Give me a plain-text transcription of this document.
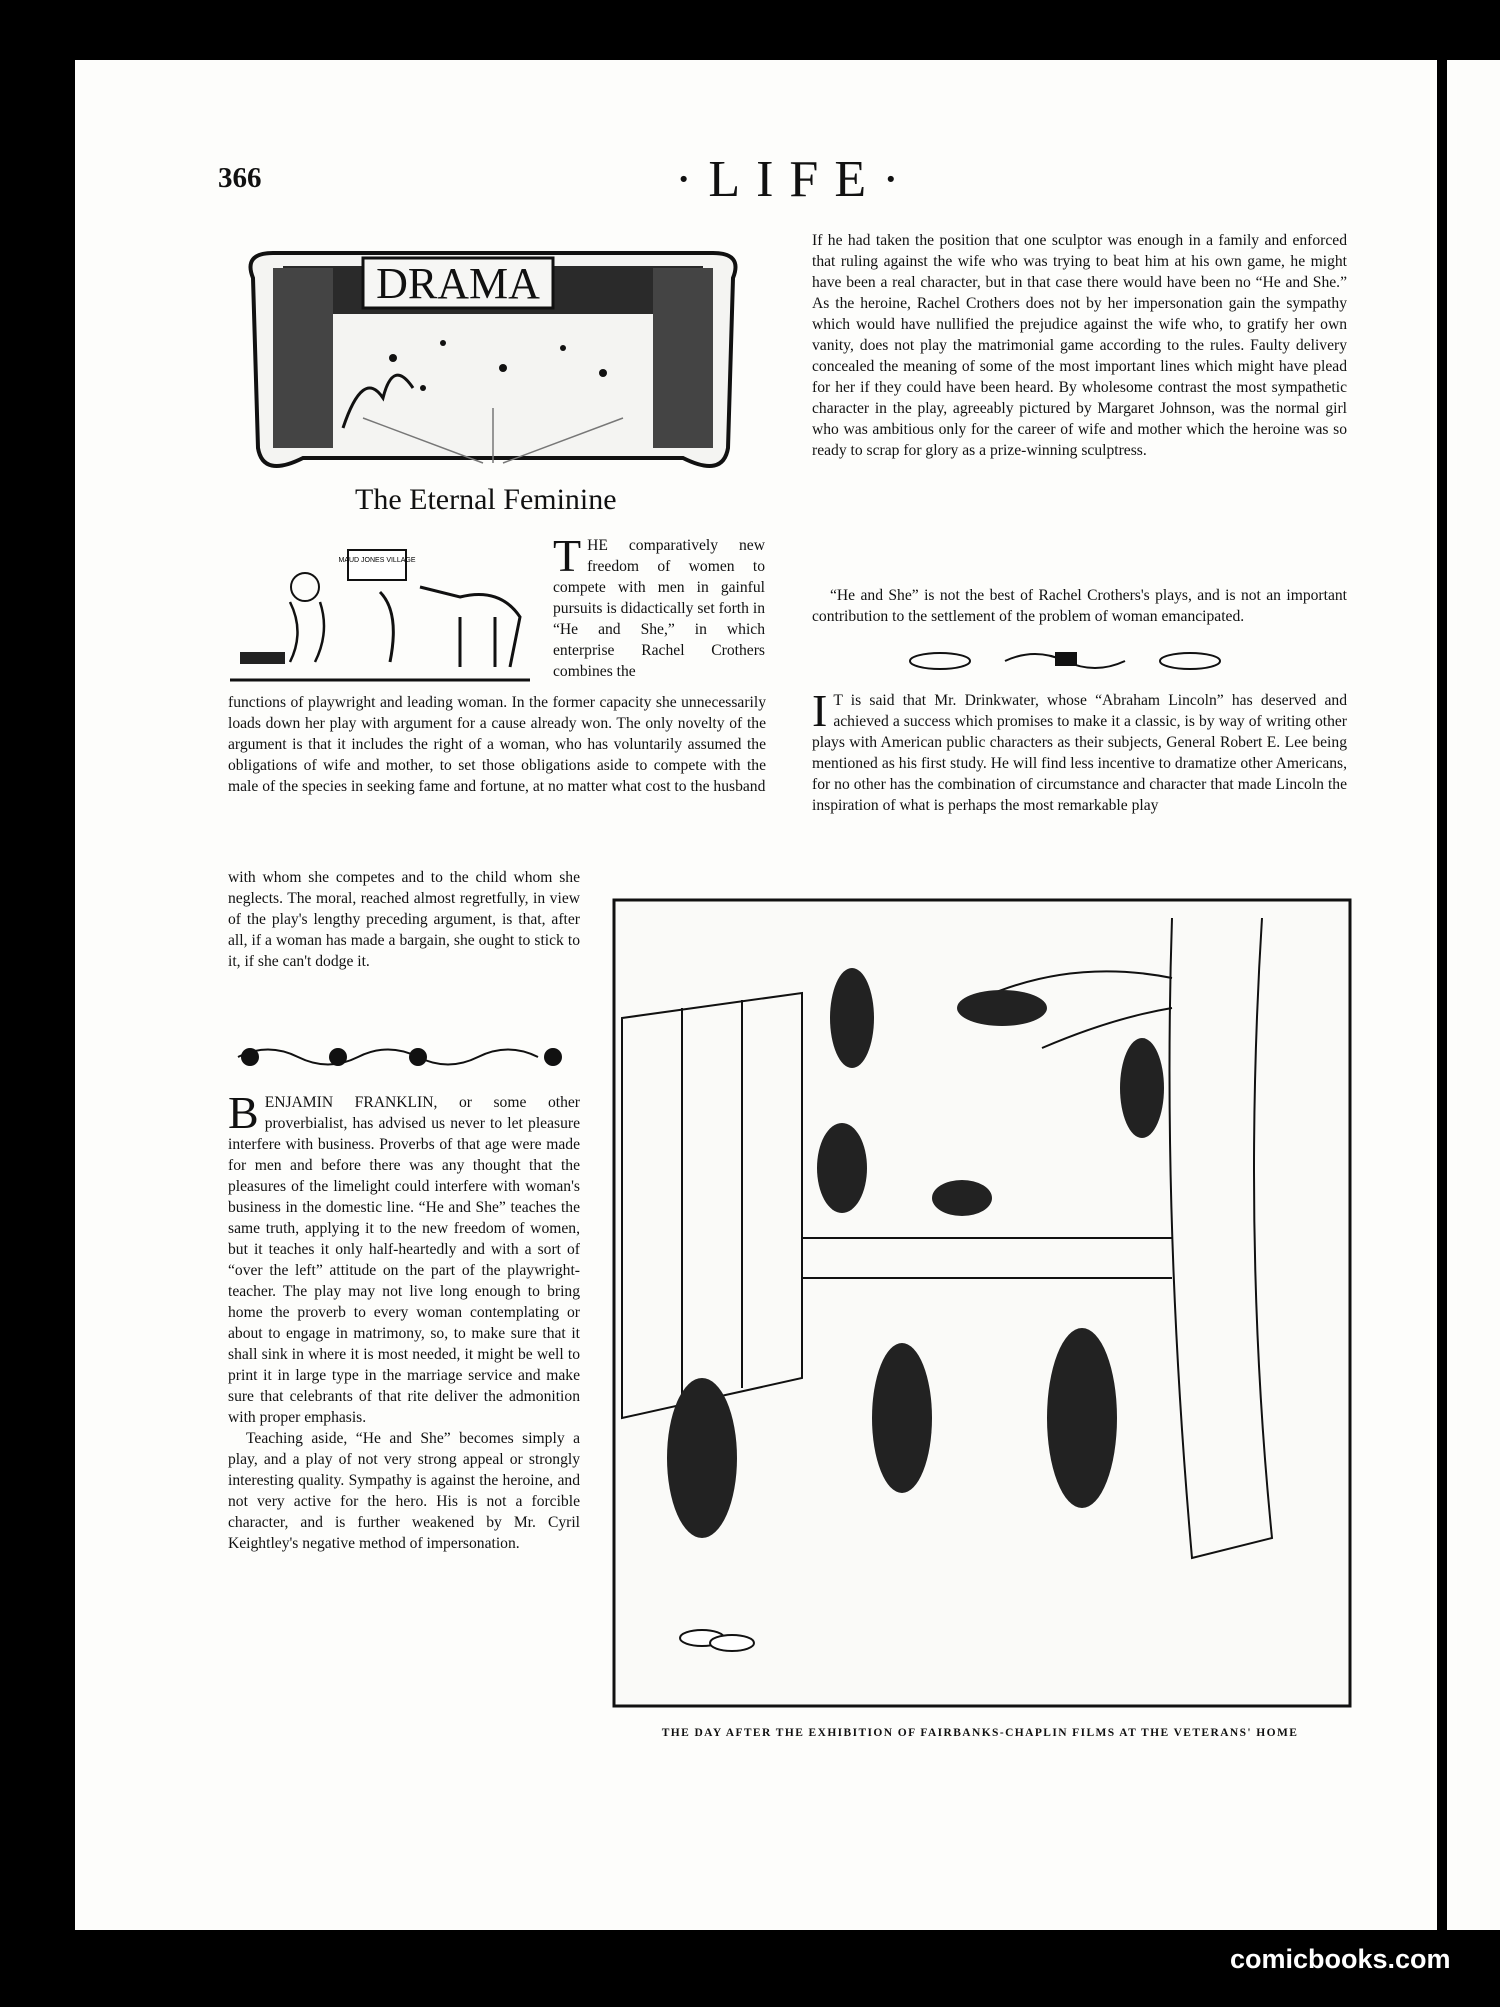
366	·LIFE·
DRAMA
The Eternal Feminine
MAUD JONES VILLAGE	THE comparatively new freedom of women to compete with men in gainful pursuits is didactically set forth in “He and She,” in which enterprise Rachel Crothers combines the

functions of playwright and leading woman. In the former capacity she unnecessarily loads down her play with argument for a cause already won. The only novelty of the argument is that it includes the right of a woman, who has voluntarily assumed the obligations of wife and mother, to set those obligations aside to compete with the male of the species in seeking fame and fortune, at no matter what cost to the husband
with whom she competes and to the child whom she neglects. The moral, reached almost regretfully, in view of the play's lengthy preceding argument, is that, after all, if a woman has made a bargain, she ought to stick to it, if she can't dodge it.

BENJAMIN FRANKLIN, or some other proverbialist, has advised us never to let pleasure interfere with business. Proverbs of that age were made for men and before there was any thought that the pleasures of the limelight could interfere with woman's business in the domestic line. “He and She” teaches the same truth, applying it to the new freedom of women, but it teaches it only half-heartedly and with a sort of “over the left” attitude on the part of the playwright-teacher. The play may not live long enough to bring home the proverb to every woman contemplating or about to engage in matrimony, so, to make sure that it shall sink in where it is most needed, it might be well to print it in large type in the marriage service and make sure that celebrants of that rite deliver the admonition with proper emphasis.

Teaching aside, “He and She” becomes simply a play, and a play of not very strong appeal or strongly interesting quality. Sympathy is against the heroine, and not very active for the hero. His is not a forcible character, and is further weakened by Mr. Cyril Keightley's negative method of impersonation.

If he had taken the position that one sculptor was enough in a family and enforced that ruling against the wife who was trying to beat him at his own game, he might have been a real character, but in that case there would have been no “He and She.” As the heroine, Rachel Crothers does not by her impersonation gain the sympathy which would have nullified the prejudice against the wife who, to gratify her own vanity, does not play the matrimonial game according to the rules. Faulty delivery concealed the meaning of some of the most important lines which might have plead for her if they could have been heard. By wholesome contrast the most sympathetic character in the play, agreeably pictured by Margaret Johnson, was the normal girl who was ambitious only for the career of wife and mother which the heroine was so ready to scrap for glory as a prize-winning sculptress.
“He and She” is not the best of Rachel Crothers's plays, and is not an important contribution to the settlement of the problem of woman emancipated.

I T is said that Mr. Drinkwater, whose “Abraham Lincoln” has deserved and achieved a success which promises to make it a classic, is by way of writing other plays with American public characters as their subjects, General Robert E. Lee being mentioned as his first study. He will find less incentive to dramatize other Americans, for no other has the combination of circumstance and character that made Lincoln the inspiration of what is perhaps the most remarkable play

THE DAY AFTER THE EXHIBITION OF FAIRBANKS-CHAPLIN FILMS AT THE VETERANS' HOME
comicbooks.com
